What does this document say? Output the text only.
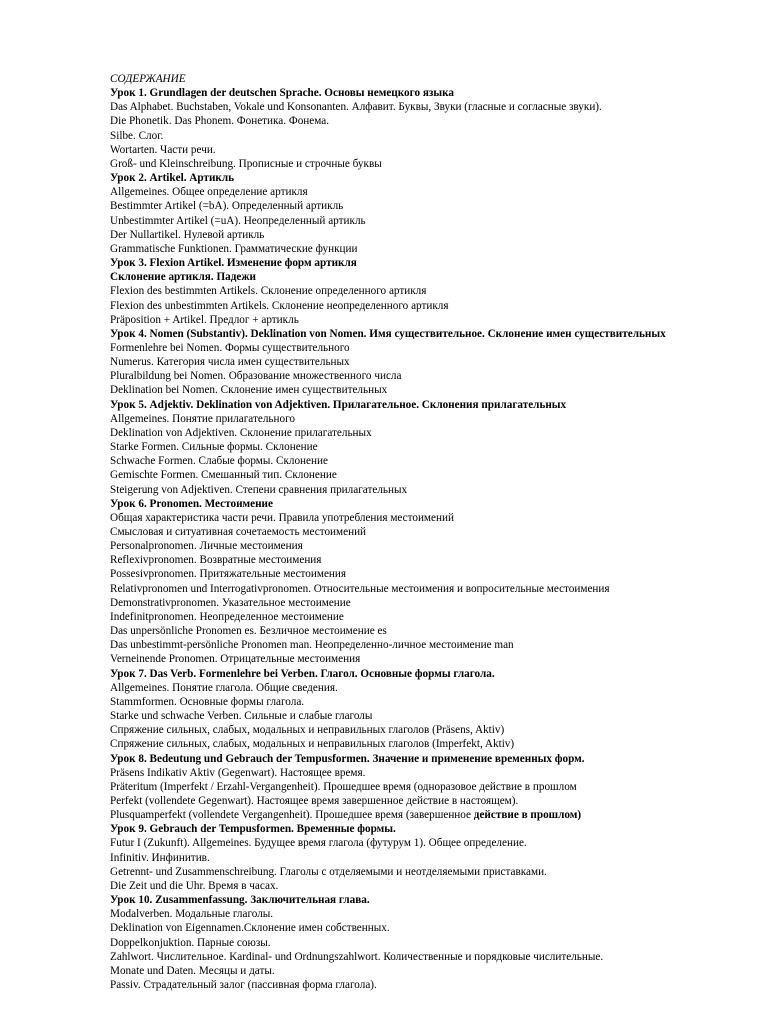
СОДЕРЖАНИЕ
Урок 1. Grundlagen der deutschen Sprache. Основы немецкого языка
Das Alphabet. Buchstaben, Vokale und Konsonanten. Алфавит. Буквы, Звуки (гласные и согласные звуки).
Die Phonetik. Das Phonem. Фонетика. Фонема.
Silbe. Слог.
Wortarten. Части речи.
Groß- und Kleinschreibung. Прописные и строчные буквы
Урок 2. Artikel. Артикль
Allgemeines. Общее определение артикля
Bestimmter Artikel (=bA). Определенный артикль
Unbestimmter Artikel (=uA). Неопределенный артикль
Der Nullartikel. Нулевой артикль
Grammatische Funktionen. Грамматические функции
Урок 3. Flexion Artikel. Изменение форм артикля
Склонение артикля. Падежи
Flexion des bestimmten Artikels. Склонение определенного артикля
Flexion des unbestimmten Artikels. Склонение неопределенного артикля
Präposition + Artikel. Предлог + артикль
Урок 4. Nomen (Substantiv). Deklination von Nomen. Имя существительное. Склонение имен существительных
Formenlehre bei Nomen. Формы существительного
Numerus. Категория числа имен существительных
Pluralbildung bei Nomen. Образование множественного числа
Deklination bei Nomen. Склонение имен существительных
Урок 5. Adjektiv. Deklination von Adjektiven. Прилагательное. Склонения прилагательных
Allgemeines. Понятие прилагательного
Deklination von Adjektiven. Склонение прилагательных
Starke Formen. Сильные формы. Склонение
Schwache Formen. Слабые формы. Склонение
Gemischte Formen. Смешанный тип. Склонение
Steigerung von Adjektiven. Степени сравнения прилагательных
Урок 6. Pronomen. Местоимение
Общая характеристика части речи. Правила употребления местоимений
Смысловая и ситуативная сочетаемость местоимений
Personalpronomen. Личные местоимения
Reflexivpronomen. Возвратные местоимения
Possesivpronomen. Притяжательные местоимения
Relativpronomen und Interrogativpronomen. Относительные местоимения и вопросительные местоимения
Demonstrativpronomen. Указательное местоимение
Indefinitpronomen. Неопределенное местоимение
Das unpersönliche Pronomen es. Безличное местоимение es
Das unbestimmt-persönliche Pronomen man. Неопределенно-личное местоимение man
Verneinende Pronomen. Отрицательные местоимения
Урок 7. Das Verb. Formenlehre bei Verben. Глагол. Основные формы глагола.
Allgemeines. Понятие глагола. Общие сведения.
Stammformen. Основные формы глагола.
Starke und schwache Verben. Сильные и слабые глаголы
Спряжение сильных, слабых, модальных и неправильных глаголов (Präsens, Aktiv)
Спряжение сильных, слабых, модальных и неправильных глаголов (Imperfekt, Aktiv)
Урок 8. Bedeutung und Gebrauch der Tempusformen. Значение и применение временных форм.
Präsens Indikativ Aktiv (Gegenwart). Настоящее время.
Präteritum (Imperfekt / Erzahl-Vergangenheit). Прошедшее время (одноразовое действие в прошлом
Perfekt (vollendete Gegenwart). Настоящее время завершенное действие в настоящем).
Plusquamperfekt (vollendete Vergangenheit). Прошедшее время (завершенное действие в прошлом)
Урок 9. Gebrauch der Tempusformen. Временные формы.
Futur I (Zukunft). Allgemeines. Будущее время глагола (футурум 1). Общее определение.
Infinitiv. Инфинитив.
Getrennt- und Zusammenschreibung. Глаголы с отделяемыми и неотделяемыми приставками.
Die Zeit und die Uhr. Время в часах.
Урок 10. Zusammenfassung. Заключительная глава.
Modalverben. Модальные глаголы.
Deklination von Eigennamen.Склонение имен собственных.
Doppelkonjuktion. Парные союзы.
Zahlwort. Числительное. Kardinal- und Ordnungszahlwort. Количественные и порядковые числительные.
Monate und Daten. Месяцы и даты.
Passiv. Страдательный залог (пассивная форма глагола).
